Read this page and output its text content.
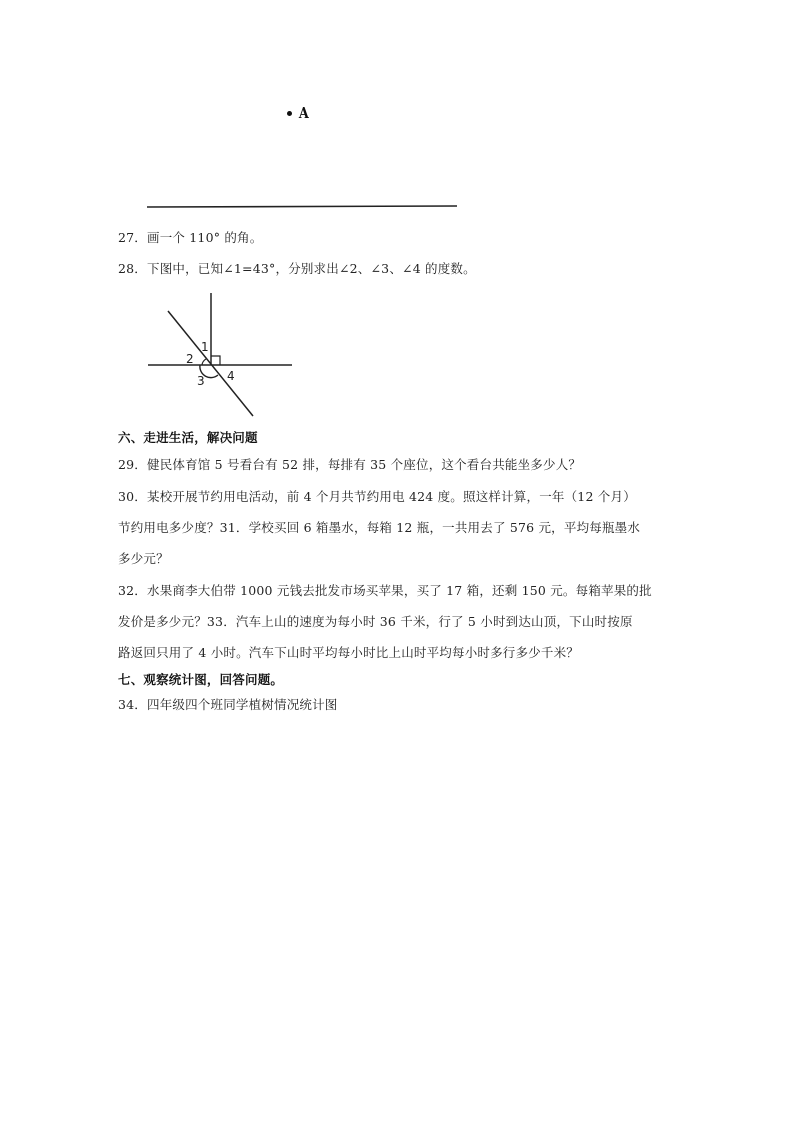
A
27．画一个 110° 的角。
28．下图中，已知∠1=43°，分别求出∠2、∠3、∠4 的度数。
1
2
3 4
六、走进生活，解决问题
29．健民体育馆 5 号看台有 52 排，每排有 35 个座位，这个看台共能坐多少人？
30．某校开展节约用电活动，前 4 个月共节约用电 424 度。照这样计算，一年（12 个月）
节约用电多少度？31．学校买回 6 箱墨水，每箱 12 瓶，一共用去了 576 元，平均每瓶墨水
多少元？
32．水果商李大伯带 1000 元钱去批发市场买苹果，买了 17 箱，还剩 150 元。每箱苹果的批
发价是多少元？33．汽车上山的速度为每小时 36 千米，行了 5 小时到达山顶，下山时按原
路返回只用了 4 小时。汽车下山时平均每小时比上山时平均每小时多行多少千米？
七、观察统计图，回答问题。
34．四年级四个班同学植树情况统计图
